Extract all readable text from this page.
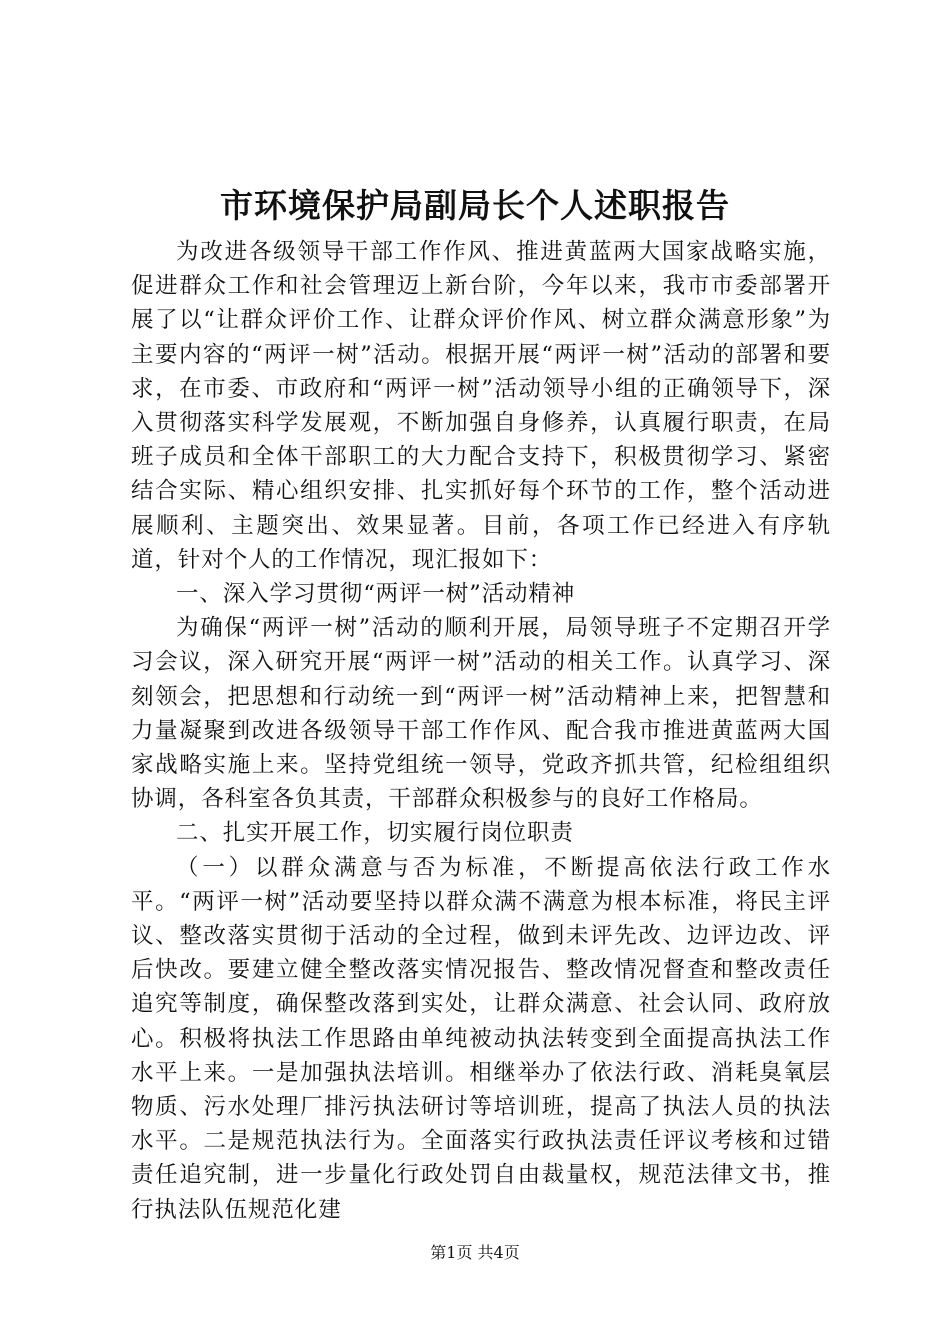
市环境保护局副局长个人述职报告

为改进各级领导干部工作作风、推进黄蓝两大国家战略实施，促进群众工作和社会管理迈上新台阶，今年以来，我市市委部署开展了以“让群众评价工作、让群众评价作风、树立群众满意形象”为主要内容的“两评一树”活动。根据开展“两评一树”活动的部署和要求，在市委、市政府和“两评一树”活动领导小组的正确领导下，深入贯彻落实科学发展观，不断加强自身修养，认真履行职责，在局班子成员和全体干部职工的大力配合支持下，积极贯彻学习、紧密结合实际、精心组织安排、扎实抓好每个环节的工作，整个活动进展顺利、主题突出、效果显著。目前，各项工作已经进入有序轨道，针对个人的工作情况，现汇报如下：

一、深入学习贯彻“两评一树”活动精神

为确保“两评一树”活动的顺利开展，局领导班子不定期召开学习会议，深入研究开展“两评一树”活动的相关工作。认真学习、深刻领会，把思想和行动统一到“两评一树”活动精神上来，把智慧和力量凝聚到改进各级领导干部工作作风、配合我市推进黄蓝两大国家战略实施上来。坚持党组统一领导，党政齐抓共管，纪检组组织协调，各科室各负其责，干部群众积极参与的良好工作格局。

二、扎实开展工作，切实履行岗位职责

（一）以群众满意与否为标准，不断提高依法行政工作水平。“两评一树”活动要坚持以群众满不满意为根本标准，将民主评议、整改落实贯彻于活动的全过程，做到未评先改、边评边改、评后快改。要建立健全整改落实情况报告、整改情况督查和整改责任追究等制度，确保整改落到实处，让群众满意、社会认同、政府放心。积极将执法工作思路由单纯被动执法转变到全面提高执法工作水平上来。一是加强执法培训。相继举办了依法行政、消耗臭氧层物质、污水处理厂排污执法研讨等培训班，提高了执法人员的执法水平。二是规范执法行为。全面落实行政执法责任评议考核和过错责任追究制，进一步量化行政处罚自由裁量权，规范法律文书，推行执法队伍规范化建

第1页 共4页
